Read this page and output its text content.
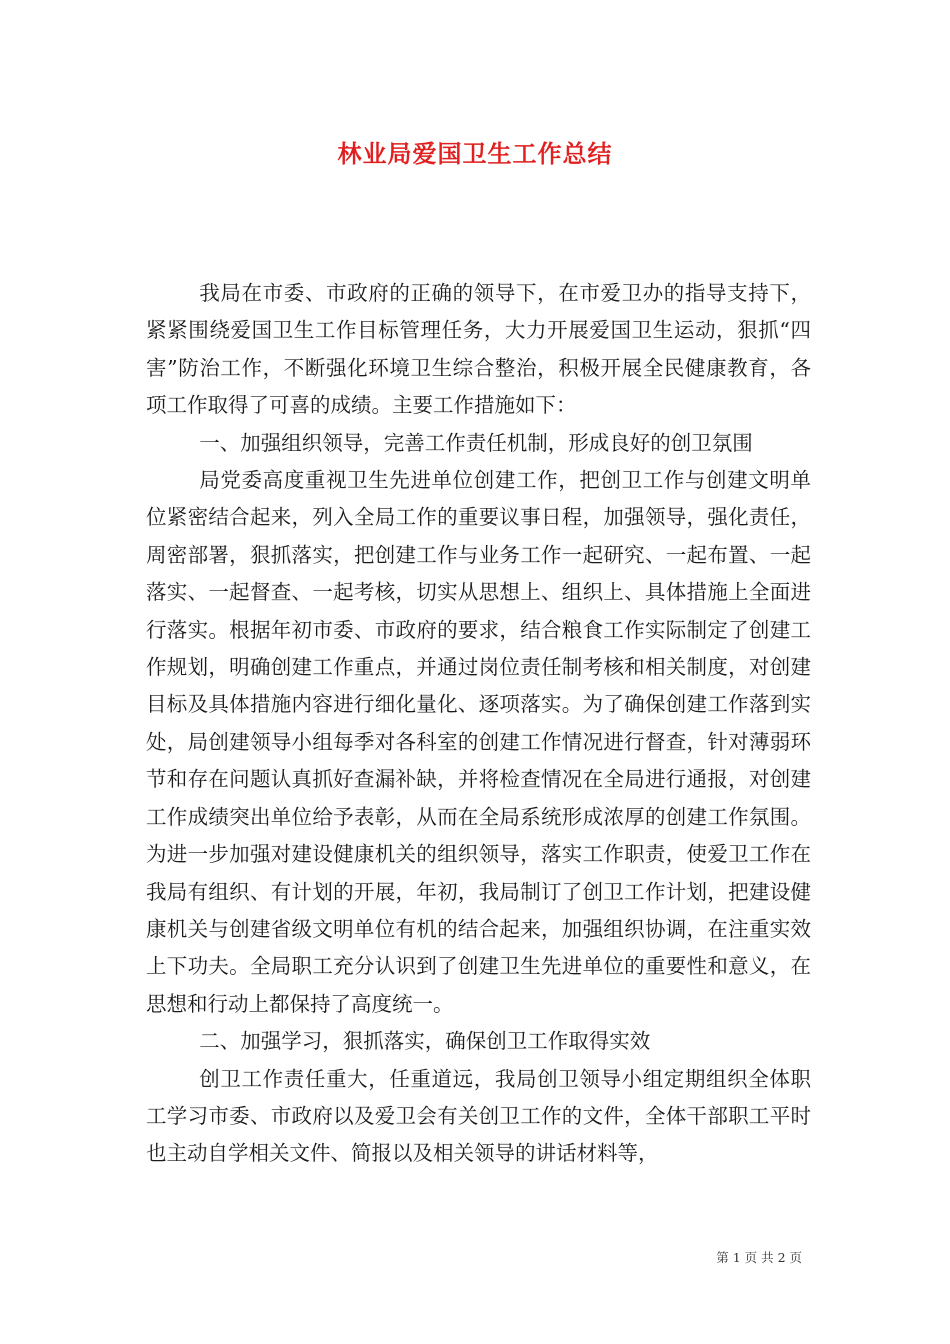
林业局爱国卫生工作总结

我局在市委、市政府的正确的领导下，在市爱卫办的指导支持下，紧紧围绕爱国卫生工作目标管理任务，大力开展爱国卫生运动，狠抓“四害”防治工作，不断强化环境卫生综合整治，积极开展全民健康教育，各项工作取得了可喜的成绩。主要工作措施如下：

一、加强组织领导，完善工作责任机制，形成良好的创卫氛围

局党委高度重视卫生先进单位创建工作，把创卫工作与创建文明单位紧密结合起来，列入全局工作的重要议事日程，加强领导，强化责任，周密部署，狠抓落实，把创建工作与业务工作一起研究、一起布置、一起落实、一起督查、一起考核，切实从思想上、组织上、具体措施上全面进行落实。根据年初市委、市政府的要求，结合粮食工作实际制定了创建工作规划，明确创建工作重点，并通过岗位责任制考核和相关制度，对创建目标及具体措施内容进行细化量化、逐项落实。为了确保创建工作落到实处，局创建领导小组每季对各科室的创建工作情况进行督查，针对薄弱环节和存在问题认真抓好查漏补缺，并将检查情况在全局进行通报，对创建工作成绩突出单位给予表彰，从而在全局系统形成浓厚的创建工作氛围。为进一步加强对建设健康机关的组织领导，落实工作职责，使爱卫工作在我局有组织、有计划的开展，年初，我局制订了创卫工作计划，把建设健康机关与创建省级文明单位有机的结合起来，加强组织协调，在注重实效上下功夫。全局职工充分认识到了创建卫生先进单位的重要性和意义，在思想和行动上都保持了高度统一。

二、加强学习，狠抓落实，确保创卫工作取得实效

创卫工作责任重大，任重道远，我局创卫领导小组定期组织全体职工学习市委、市政府以及爱卫会有关创卫工作的文件，全体干部职工平时也主动自学相关文件、简报以及相关领导的讲话材料等，

第 1 页 共 2 页
